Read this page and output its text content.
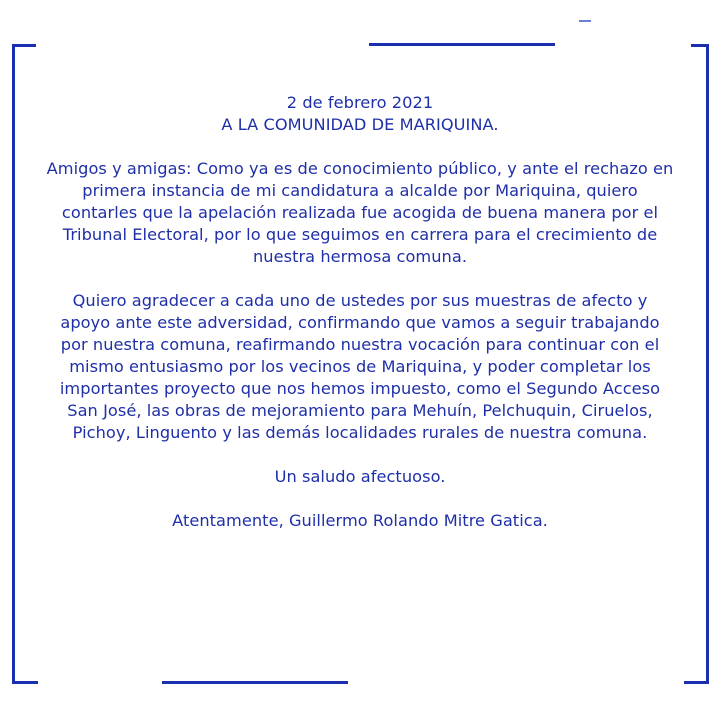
2 de febrero 2021

A LA COMUNIDAD DE MARIQUINA.

Amigos y amigas: Como ya es de conocimiento público, y ante el rechazo en

primera instancia de mi candidatura a alcalde por Mariquina, quiero

contarles que la apelación realizada fue acogida de buena manera por el

Tribunal Electoral, por lo que seguimos en carrera para el crecimiento de

nuestra hermosa comuna.

Quiero agradecer a cada uno de ustedes por sus muestras de afecto y

apoyo ante este adversidad, confirmando que vamos a seguir trabajando

por nuestra comuna, reafirmando nuestra vocación para continuar con el

mismo entusiasmo por los vecinos de Mariquina, y poder completar los

importantes proyecto que nos hemos impuesto, como el Segundo Acceso

San José, las obras de mejoramiento para Mehuín, Pelchuquin, Ciruelos,

Pichoy, Linguento y las demás localidades rurales de nuestra comuna.

Un saludo afectuoso.

Atentamente, Guillermo Rolando Mitre Gatica.
